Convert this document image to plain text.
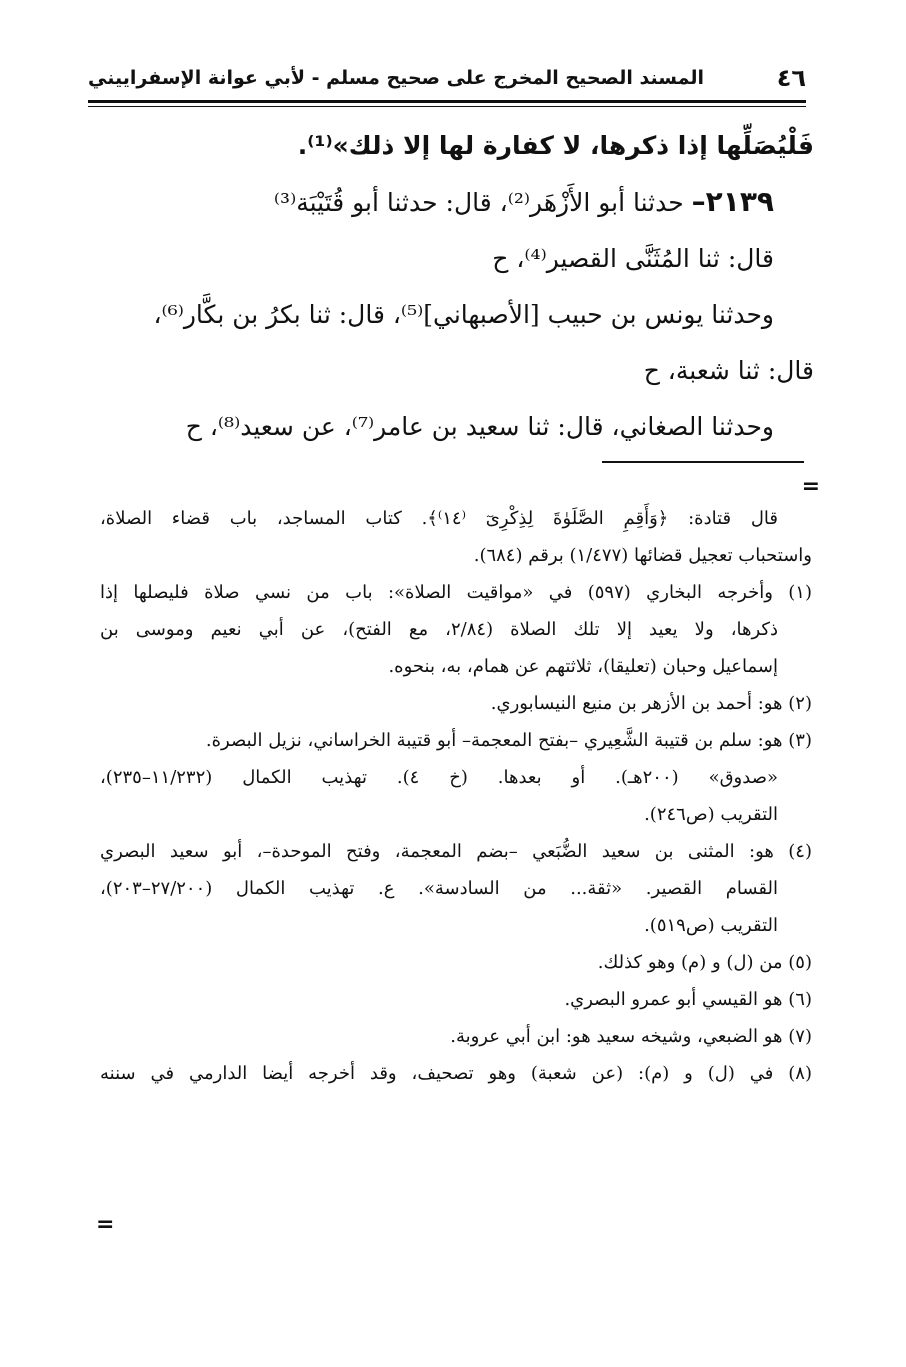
٤٦
المسند الصحيح المخرج على صحيح مسلم - لأبي عوانة الإسفراييني

فَلْيُصَلِّها إذا ذكرها، لا كفارة لها إلا ذلك»⁽¹⁾.

٢١٣٩– حدثنا أبو الأَزْهَر⁽²⁾، قال: حدثنا أبو قُتَيْبَة⁽³⁾

قال: ثنا المُثَنَّى القصير⁽⁴⁾، ح

وحدثنا يونس بن حبيب [الأصبهاني]⁽⁵⁾، قال: ثنا بكرُ بن بكَّار⁽⁶⁾،

قال: ثنا شعبة، ح

وحدثنا الصغاني، قال: ثنا سعيد بن عامر⁽⁷⁾، عن سعيد⁽⁸⁾، ح

=

قال قتادة: ﴿وَأَقِمِ الصَّلَوٰةَ لِذِكْرِىٓ ⁽١٤⁾﴾. كتاب المساجد، باب قضاء الصلاة،

واستحباب تعجيل قضائها (١/٤٧٧) برقم (٦٨٤).

(١) وأخرجه البخاري (٥٩٧) في «مواقيت الصلاة»: باب من نسي صلاة فليصلها إذا

ذكرها، ولا يعيد إلا تلك الصلاة (٢/٨٤، مع الفتح)، عن أبي نعيم وموسى بن

إسماعيل وحبان (تعليقا)، ثلاثتهم عن همام، به، بنحوه.

(٢) هو: أحمد بن الأزهر بن منيع النيسابوري.

(٣) هو: سلم بن قتيبة الشَّعِيري –بفتح المعجمة– أبو قتيبة الخراساني، نزيل البصرة.

«صدوق» (٢٠٠هـ). أو بعدها. (خ ٤). تهذيب الكمال (١١/٢٣٢–٢٣٥)،

التقريب (ص٢٤٦).

(٤) هو: المثنى بن سعيد الضُّبَعي –بضم المعجمة، وفتح الموحدة–، أبو سعيد البصري

القسام القصير. «ثقة... من السادسة». ع. تهذيب الكمال (٢٧/٢٠٠–٢٠٣)،

التقريب (ص٥١٩).

(٥) من (ل) و (م) وهو كذلك.

(٦) هو القيسي أبو عمرو البصري.

(٧) هو الضبعي، وشيخه سعيد هو: ابن أبي عروبة.

(٨) في (ل) و (م): (عن شعبة) وهو تصحيف، وقد أخرجه أيضا الدارمي في سننه

=
